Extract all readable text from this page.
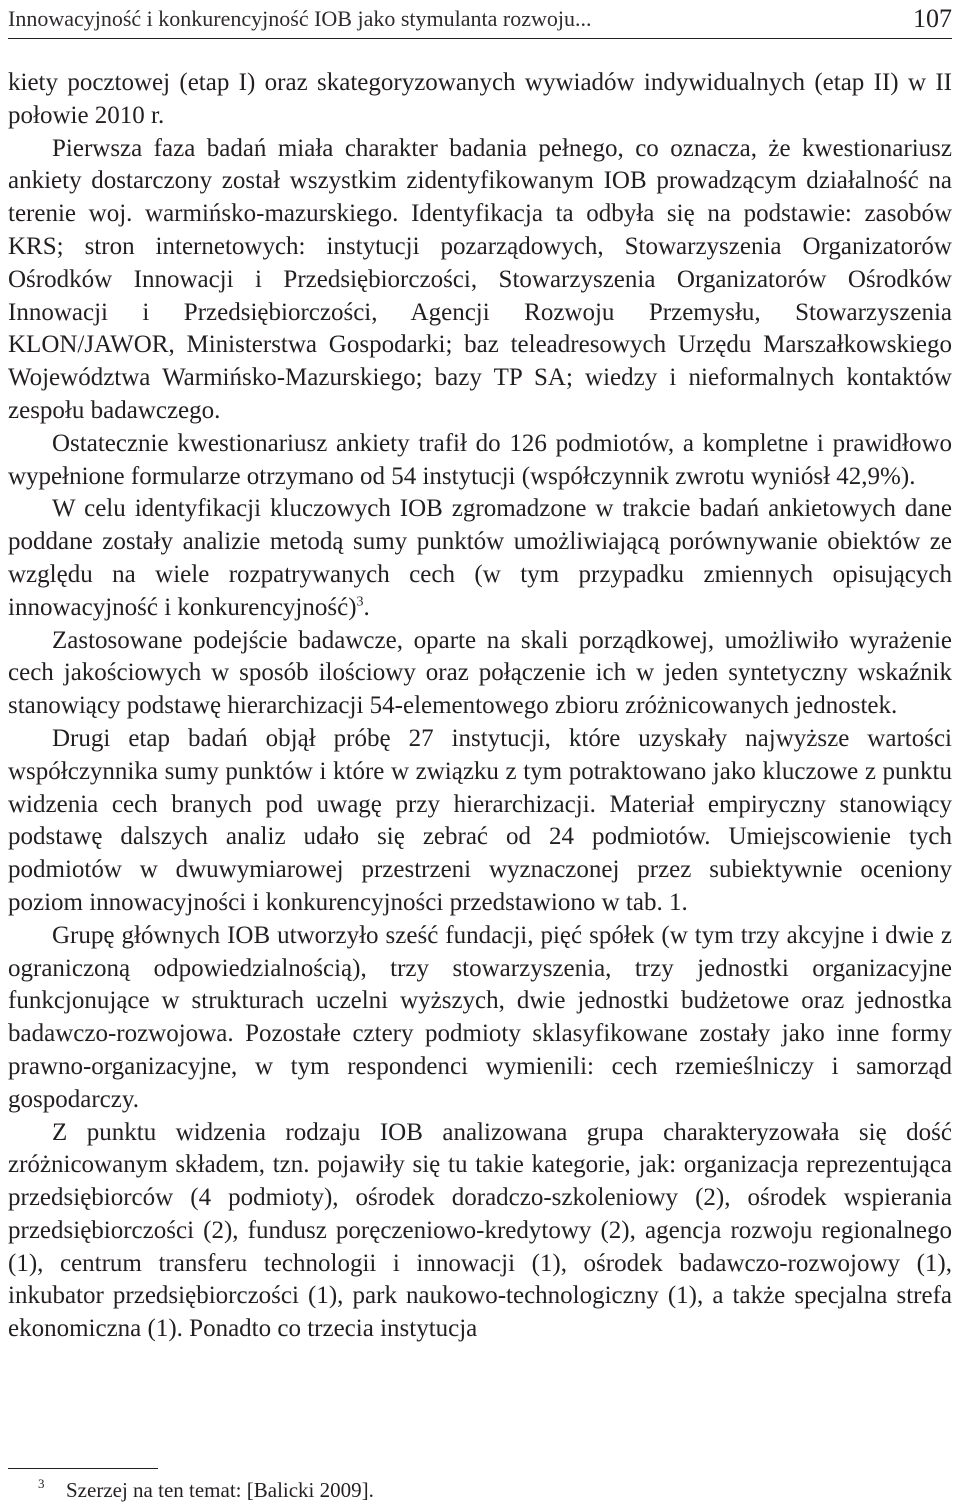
Innowacyjność i konkurencyjność IOB jako stymulanta rozwoju...	107

kiety pocztowej (etap I) oraz skategoryzowanych wywiadów indywidualnych (etap II) w II połowie 2010 r.

Pierwsza faza badań miała charakter badania pełnego, co oznacza, że kwestionariusz ankiety dostarczony został wszystkim zidentyfikowanym IOB prowadzącym działalność na terenie woj. warmińsko-mazurskiego. Identyfikacja ta odbyła się na podstawie: zasobów KRS; stron internetowych: instytucji pozarządowych, Stowarzyszenia Organizatorów Ośrodków Innowacji i Przedsiębiorczości, Stowarzyszenia Organizatorów Ośrodków Innowacji i Przedsiębiorczości, Agencji Rozwoju Przemysłu, Stowarzyszenia KLON/JAWOR, Ministerstwa Gospodarki; baz teleadresowych Urzędu Marszałkowskiego Województwa Warmińsko-Mazurskiego; bazy TP SA; wiedzy i nieformalnych kontaktów zespołu badawczego.

Ostatecznie kwestionariusz ankiety trafił do 126 podmiotów, a kompletne i prawidłowo wypełnione formularze otrzymano od 54 instytucji (współczynnik zwrotu wyniósł 42,9%).

W celu identyfikacji kluczowych IOB zgromadzone w trakcie badań ankietowych dane poddane zostały analizie metodą sumy punktów umożliwiającą porównywanie obiektów ze względu na wiele rozpatrywanych cech (w tym przypadku zmiennych opisujących innowacyjność i konkurencyjność)$^3$.

Zastosowane podejście badawcze, oparte na skali porządkowej, umożliwiło wyrażenie cech jakościowych w sposób ilościowy oraz połączenie ich w jeden syntetyczny wskaźnik stanowiący podstawę hierarchizacji 54-elementowego zbioru zróżnicowanych jednostek.

Drugi etap badań objął próbę 27 instytucji, które uzyskały najwyższe wartości współczynnika sumy punktów i które w związku z tym potraktowano jako kluczowe z punktu widzenia cech branych pod uwagę przy hierarchizacji. Materiał empiryczny stanowiący podstawę dalszych analiz udało się zebrać od 24 podmiotów. Umiejscowienie tych podmiotów w dwuwymiarowej przestrzeni wyznaczonej przez subiektywnie oceniony poziom innowacyjności i konkurencyjności przedstawiono w tab. 1.

Grupę głównych IOB utworzyło sześć fundacji, pięć spółek (w tym trzy akcyjne i dwie z ograniczoną odpowiedzialnością), trzy stowarzyszenia, trzy jednostki organizacyjne funkcjonujące w strukturach uczelni wyższych, dwie jednostki budżetowe oraz jednostka badawczo-rozwojowa. Pozostałe cztery podmioty sklasyfikowane zostały jako inne formy prawno-organizacyjne, w tym respondenci wymienili: cech rzemieślniczy i samorząd gospodarczy.

Z punktu widzenia rodzaju IOB analizowana grupa charakteryzowała się dość zróżnicowanym składem, tzn. pojawiły się tu takie kategorie, jak: organizacja reprezentująca przedsiębiorców (4 podmioty), ośrodek doradczo-szkoleniowy (2), ośrodek wspierania przedsiębiorczości (2), fundusz poręczeniowo-kredytowy (2), agencja rozwoju regionalnego (1), centrum transferu technologii i innowacji (1), ośrodek badawczo-rozwojowy (1), inkubator przedsiębiorczości (1), park naukowo-technologiczny (1), a także specjalna strefa ekonomiczna (1). Ponadto co trzecia instytucja

3 Szerzej na ten temat: [Balicki 2009].
